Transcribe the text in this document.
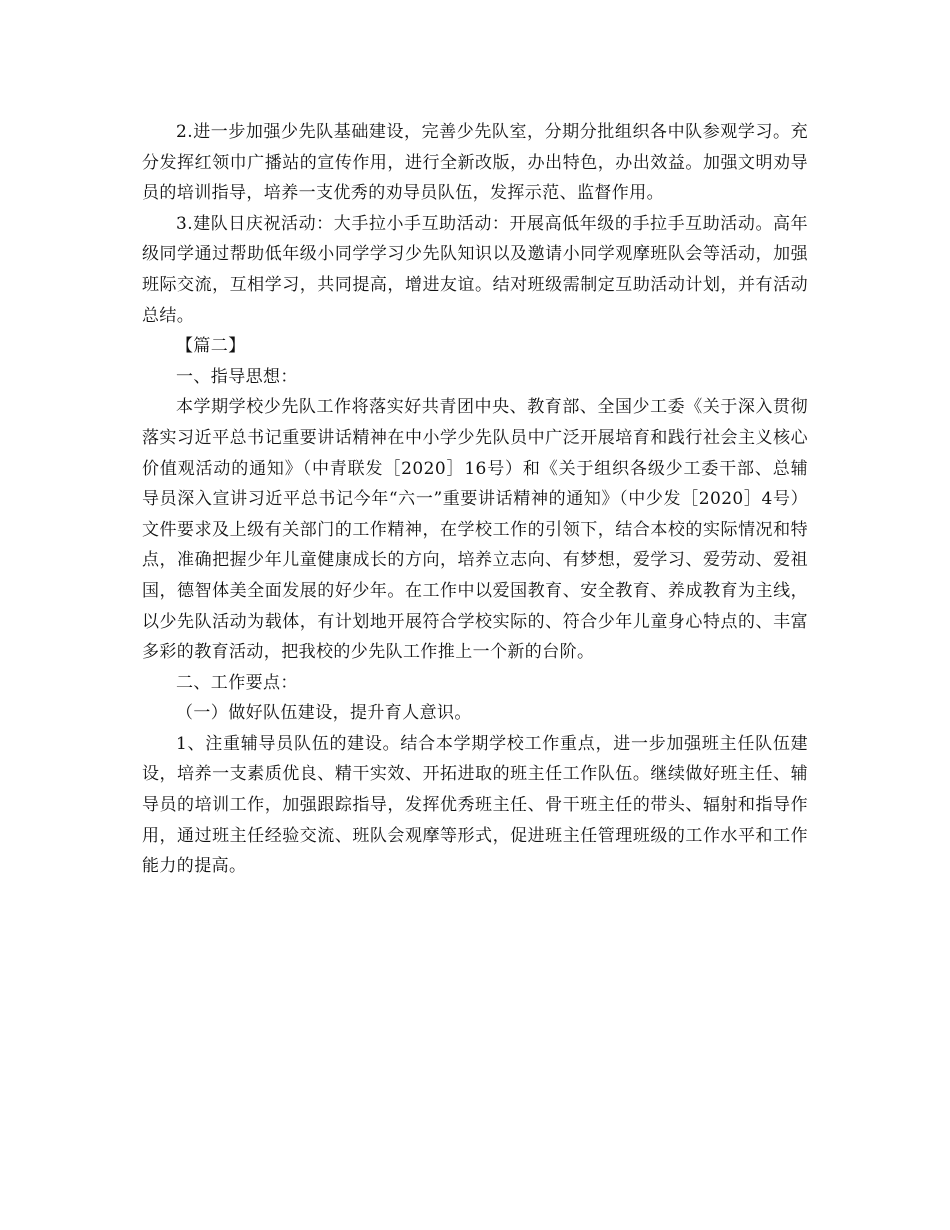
2.进一步加强少先队基础建设，完善少先队室，分期分批组织各中队参观学习。充分发挥红领巾广播站的宣传作用，进行全新改版，办出特色，办出效益。加强文明劝导员的培训指导，培养一支优秀的劝导员队伍，发挥示范、监督作用。

3.建队日庆祝活动：大手拉小手互助活动：开展高低年级的手拉手互助活动。高年级同学通过帮助低年级小同学学习少先队知识以及邀请小同学观摩班队会等活动，加强班际交流，互相学习，共同提高，增进友谊。结对班级需制定互助活动计划，并有活动总结。

【篇二】

一、指导思想：

本学期学校少先队工作将落实好共青团中央、教育部、全国少工委《关于深入贯彻落实习近平总书记重要讲话精神在中小学少先队员中广泛开展培育和践行社会主义核心价值观活动的通知》（中青联发［2020］16号）和《关于组织各级少工委干部、总辅导员深入宣讲习近平总书记今年“六一”重要讲话精神的通知》（中少发［2020］4号）文件要求及上级有关部门的工作精神，在学校工作的引领下，结合本校的实际情况和特点，准确把握少年儿童健康成长的方向，培养立志向、有梦想，爱学习、爱劳动、爱祖国，德智体美全面发展的好少年。在工作中以爱国教育、安全教育、养成教育为主线，以少先队活动为载体，有计划地开展符合学校实际的、符合少年儿童身心特点的、丰富多彩的教育活动，把我校的少先队工作推上一个新的台阶。

二、工作要点：

（一）做好队伍建设，提升育人意识。

1、注重辅导员队伍的建设。结合本学期学校工作重点，进一步加强班主任队伍建设，培养一支素质优良、精干实效、开拓进取的班主任工作队伍。继续做好班主任、辅导员的培训工作，加强跟踪指导，发挥优秀班主任、骨干班主任的带头、辐射和指导作用，通过班主任经验交流、班队会观摩等形式，促进班主任管理班级的工作水平和工作能力的提高。
